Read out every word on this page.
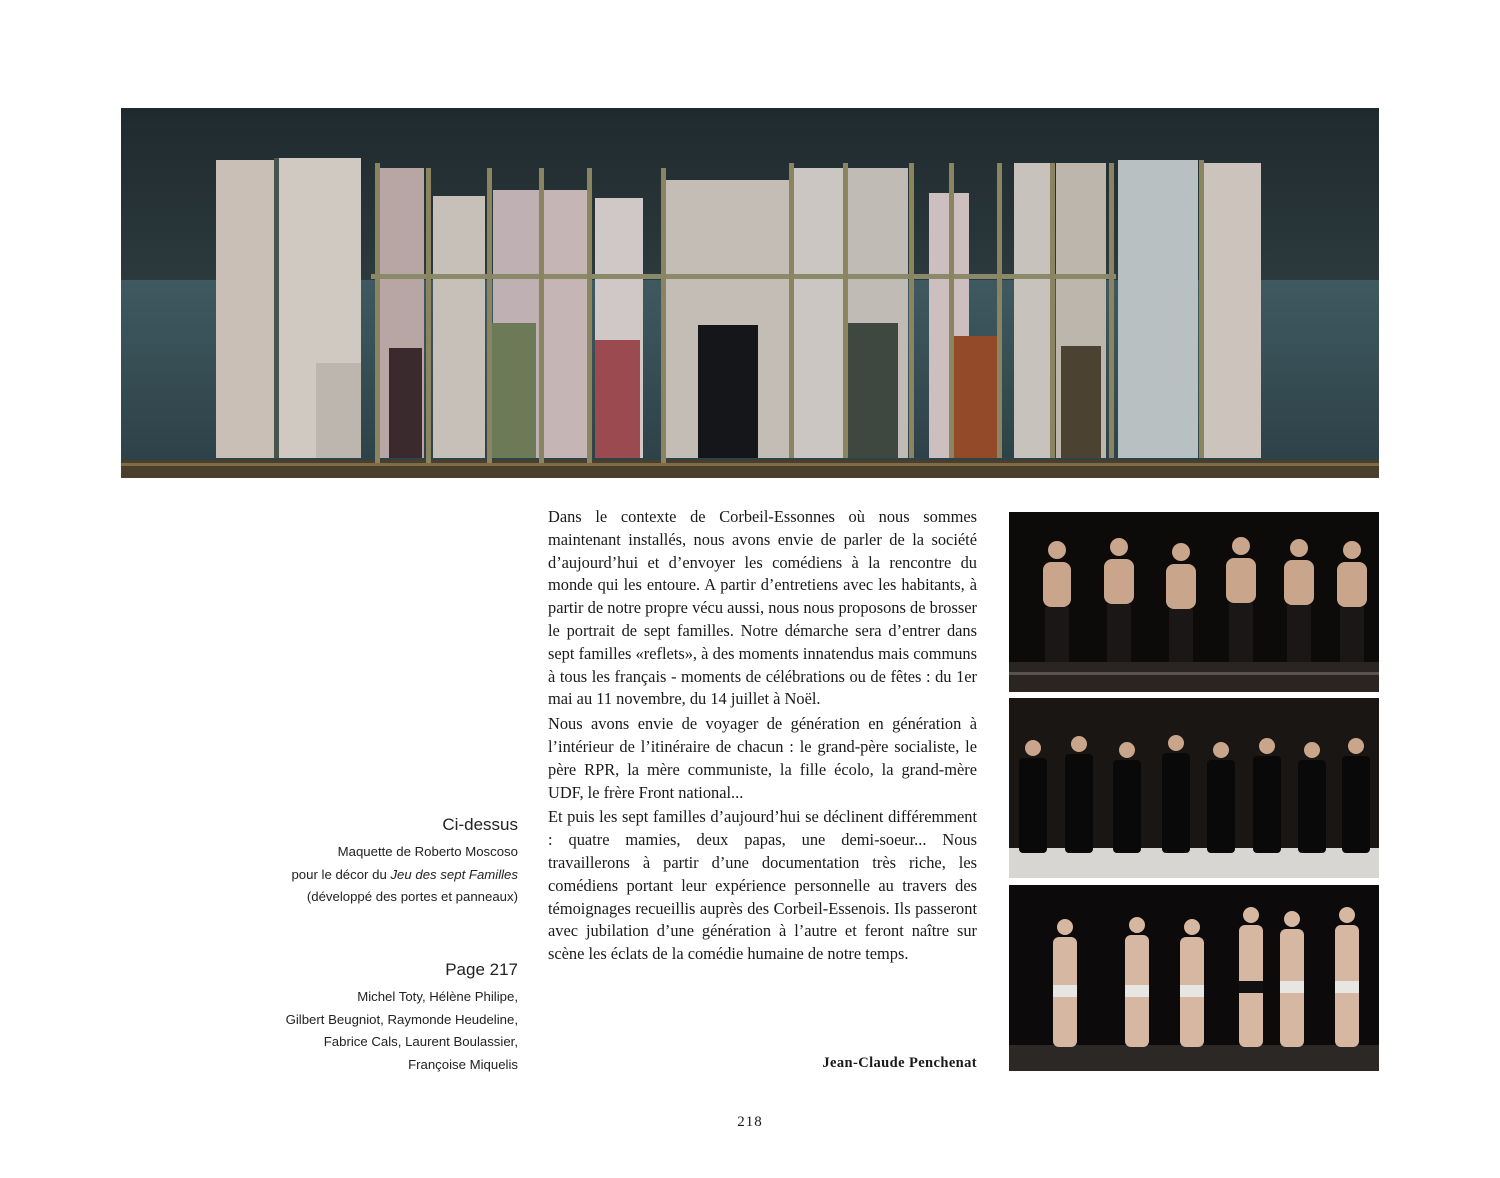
Ci-dessus
Maquette de Roberto Moscoso
pour le décor du Jeu des sept Familles
(développé des portes et panneaux)
Page 217
Michel Toty, Hélène Philipe,
Gilbert Beugniot, Raymonde Heudeline,
Fabrice Cals, Laurent Boulassier,
Françoise Miquelis

Dans le contexte de Corbeil-Essonnes où nous sommes maintenant installés, nous avons envie de parler de la société d’aujourd’hui et d’envoyer les comédiens à la rencontre du monde qui les entoure. A partir d’entretiens avec les habitants, à partir de notre propre vécu aussi, nous nous proposons de brosser le portrait de sept familles. Notre démarche sera d’entrer dans sept familles «reflets», à des moments innatendus mais communs à tous les français - moments de célébrations ou de fêtes : du 1er mai au 11 novembre, du 14 juillet à Noël.

Nous avons envie de voyager de génération en génération à l’intérieur de l’itinéraire de chacun : le grand-père socialiste, le père RPR, la mère communiste, la fille écolo, la grand-mère UDF, le frère Front national...

Et puis les sept familles d’aujourd’hui se déclinent différemment : quatre mamies, deux papas, une demi-soeur... Nous travaillerons à partir d’une documentation très riche, les comédiens portant leur expérience personnelle au travers des témoignages recueillis auprès des Corbeil-Essenois. Ils passeront avec jubilation d’une génération à l’autre et feront naître sur scène les éclats de la comédie humaine de notre temps.

Jean-Claude Penchenat
218
